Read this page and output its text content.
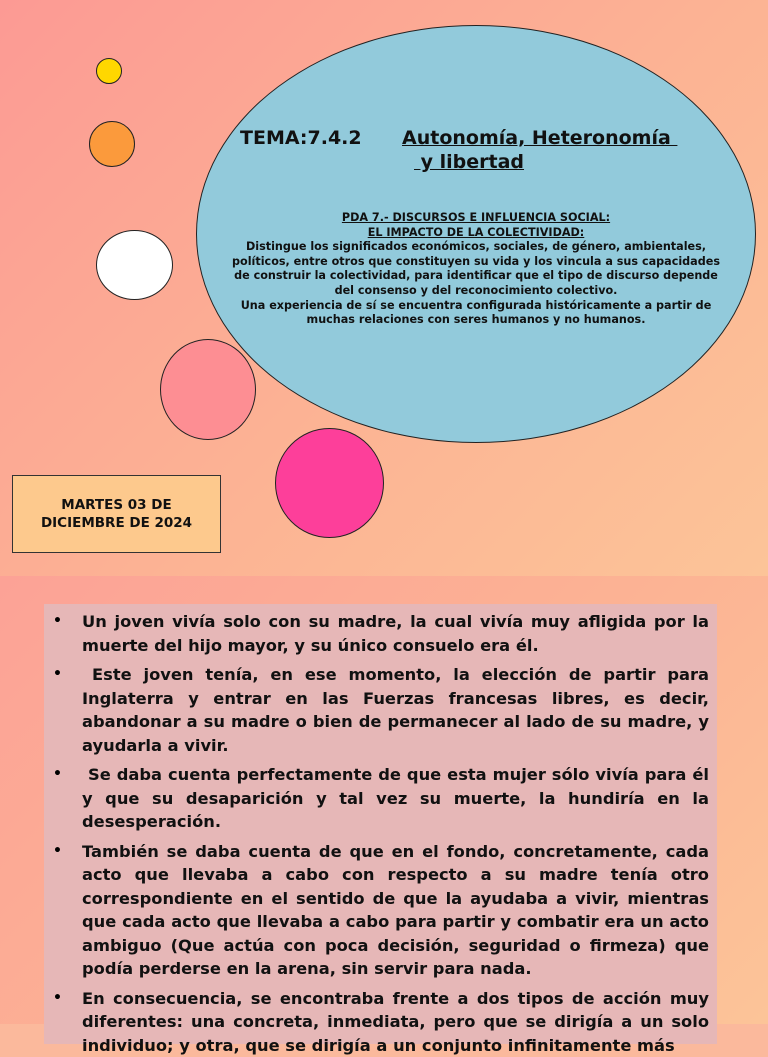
TEMA:7.4.2 Autonomía, Heteronomía
y libertad
PDA 7.- DISCURSOS E INFLUENCIA SOCIAL:
EL IMPACTO DE LA COLECTIVIDAD:
Distingue los significados económicos, sociales, de género, ambientales, políticos, entre otros que constituyen su vida y los vincula a sus capacidades de construir la colectividad, para identificar que el tipo de discurso depende del consenso y del reconocimiento colectivo.
Una experiencia de sí se encuentra configurada históricamente a partir de muchas relaciones con seres humanos y no humanos.
MARTES 03 DE DICIEMBRE DE 2024
•	Un joven vivía solo con su madre, la cual vivía muy afligida por la muerte del hijo mayor, y su único consuelo era él.
•	Este joven tenía, en ese momento, la elección de partir para Inglaterra y entrar en las Fuerzas francesas libres, es decir, abandonar a su madre o bien de permanecer al lado de su madre, y ayudarla a vivir.
•	Se daba cuenta perfectamente de que esta mujer sólo vivía para él y que su desaparición y tal vez su muerte, la hundiría en la desesperación.
•	También se daba cuenta de que en el fondo, concretamente, cada acto que llevaba a cabo con respecto a su madre tenía otro correspondiente en el sentido de que la ayudaba a vivir, mientras que cada acto que llevaba a cabo para partir y combatir era un acto ambiguo (Que actúa con poca decisión, seguridad o firmeza) que podía perderse en la arena, sin servir para nada.
•	En consecuencia, se encontraba frente a dos tipos de acción muy diferentes: una concreta, inmediata, pero que se dirigía a un solo individuo; y otra, que se dirigía a un conjunto infinitamente más
